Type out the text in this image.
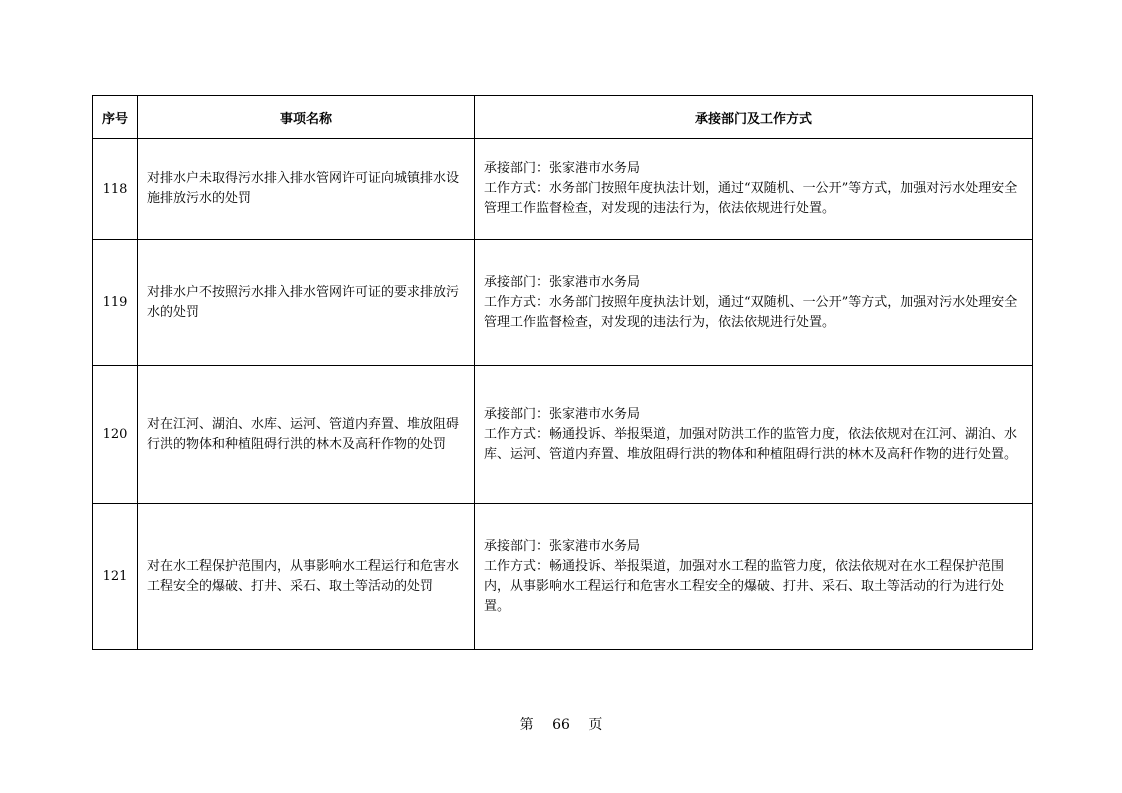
序号	事项名称	承接部门及工作方式
118	对排水户未取得污水排入排水管网许可证向城镇排水设施排放污水的处罚	承接部门：张家港市水务局
工作方式：水务部门按照年度执法计划，通过“双随机、一公开”等方式，加强对污水处理安全管理工作监督检查，对发现的违法行为，依法依规进行处置。

119	对排水户不按照污水排入排水管网许可证的要求排放污水的处罚	承接部门：张家港市水务局
工作方式：水务部门按照年度执法计划，通过“双随机、一公开”等方式，加强对污水处理安全管理工作监督检查，对发现的违法行为，依法依规进行处置。

120	对在江河、湖泊、水库、运河、管道内弃置、堆放阻碍行洪的物体和种植阻碍行洪的林木及高秆作物的处罚	承接部门：张家港市水务局
工作方式：畅通投诉、举报渠道，加强对防洪工作的监管力度，依法依规对在江河、湖泊、水库、运河、管道内弃置、堆放阻碍行洪的物体和种植阻碍行洪的林木及高秆作物的进行处置。

121	对在水工程保护范围内，从事影响水工程运行和危害水工程安全的爆破、打井、采石、取土等活动的处罚	承接部门：张家港市水务局
工作方式：畅通投诉、举报渠道，加强对水工程的监管力度，依法依规对在水工程保护范围内，从事影响水工程运行和危害水工程安全的爆破、打井、采石、取土等活动的行为进行处置。
第 66 页
